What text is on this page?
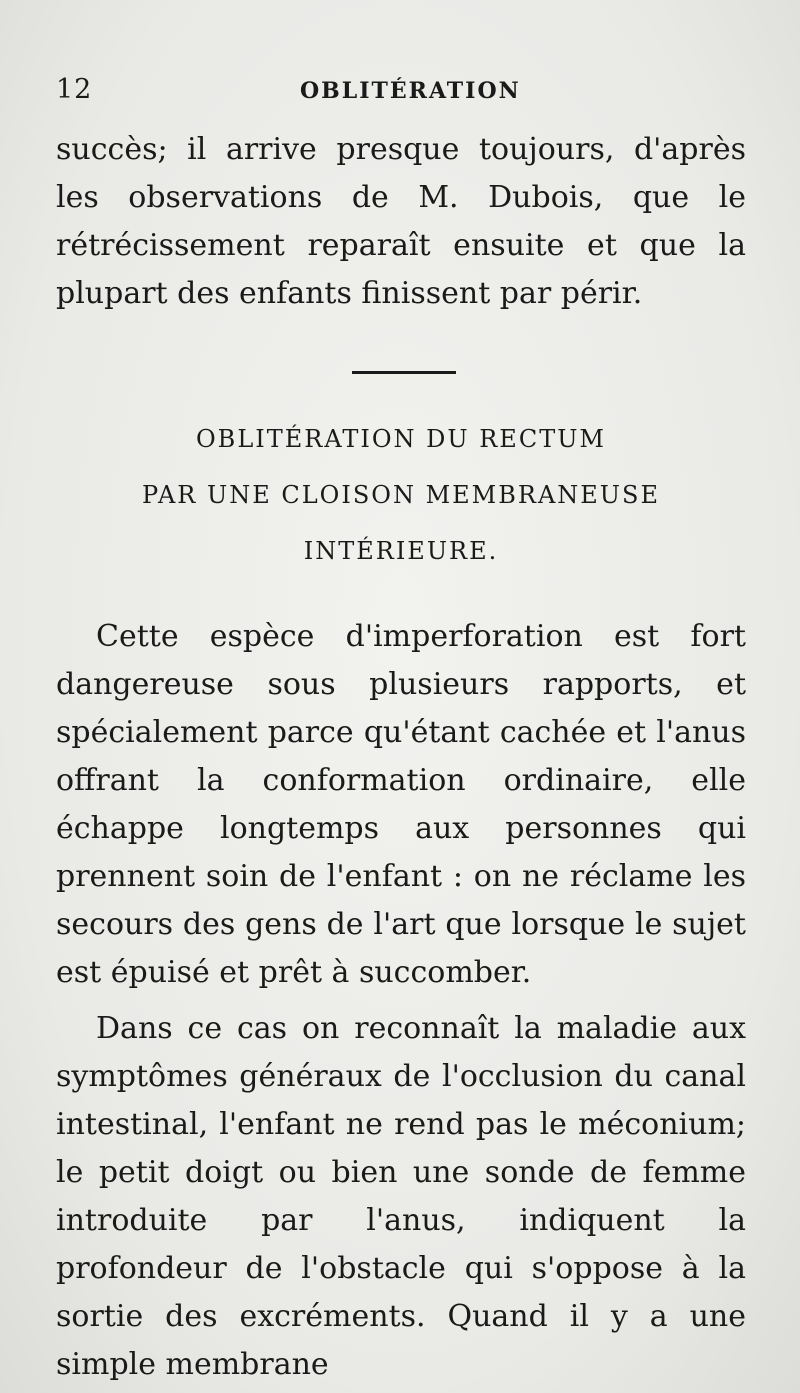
12	OBLITÉRATION

succès; il arrive presque toujours, d'après les observations de M. Dubois, que le rétrécissement reparaît ensuite et que la plupart des enfants finissent par périr.

OBLITÉRATION DU RECTUM
PAR UNE CLOISON MEMBRANEUSE
INTÉRIEURE.

Cette espèce d'imperforation est fort dangereuse sous plusieurs rapports, et spécialement parce qu'étant cachée et l'anus offrant la conformation ordinaire, elle échappe longtemps aux personnes qui prennent soin de l'enfant : on ne réclame les secours des gens de l'art que lorsque le sujet est épuisé et prêt à succomber.

Dans ce cas on reconnaît la maladie aux symptômes généraux de l'occlusion du canal intestinal, l'enfant ne rend pas le méconium; le petit doigt ou bien une sonde de femme introduite par l'anus, indiquent la profondeur de l'obstacle qui s'oppose à la sortie des excréments. Quand il y a une simple membrane
